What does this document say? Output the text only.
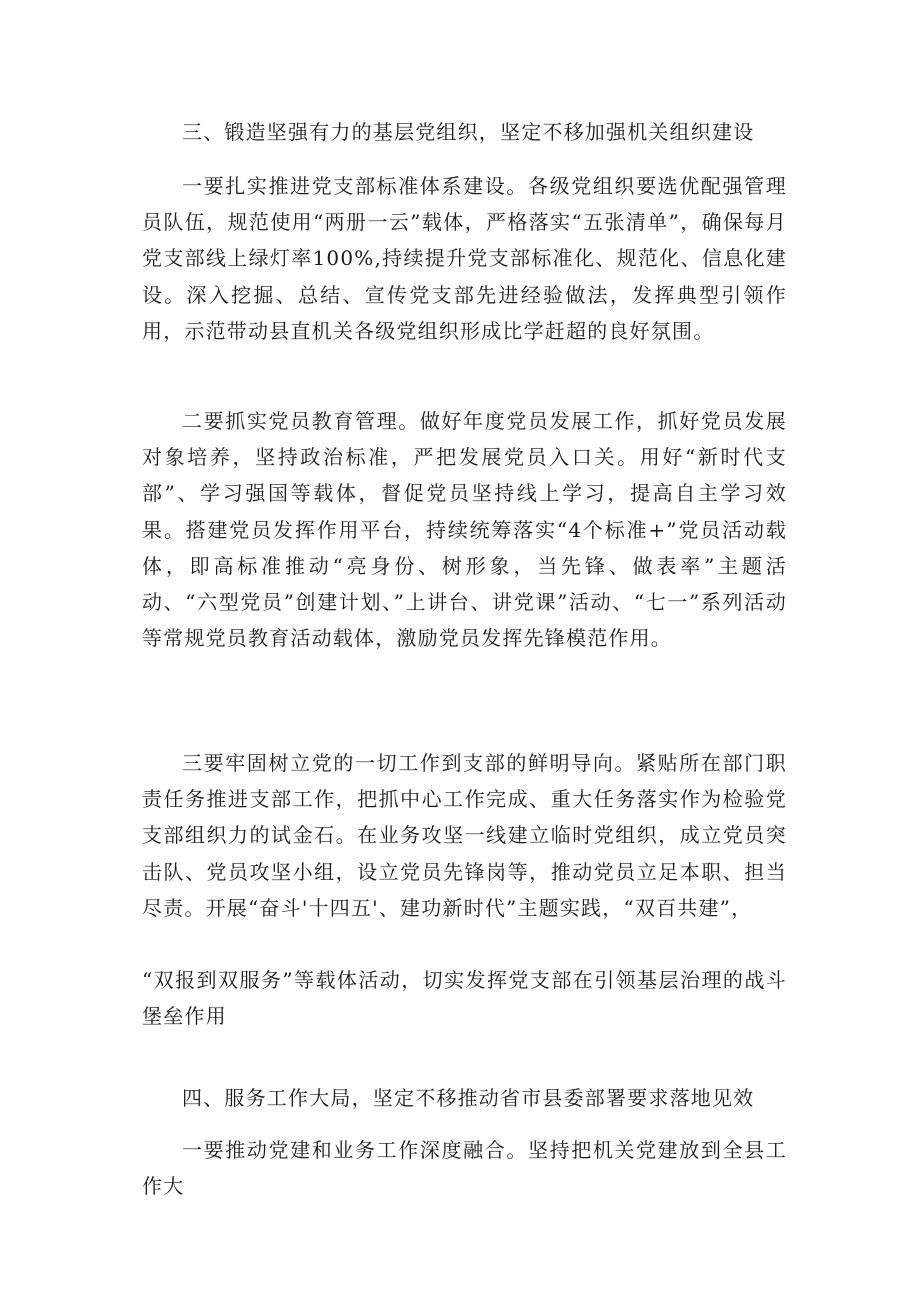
三、锻造坚强有力的基层党组织，坚定不移加强机关组织建设

一要扎实推进党支部标准体系建设。各级党组织要选优配强管理员队伍，规范使用“两册一云”载体，严格落实“五张清单”，确保每月党支部线上绿灯率100%,持续提升党支部标准化、规范化、信息化建设。深入挖掘、总结、宣传党支部先进经验做法，发挥典型引领作用，示范带动县直机关各级党组织形成比学赶超的良好氛围。

二要抓实党员教育管理。做好年度党员发展工作，抓好党员发展对象培养，坚持政治标准，严把发展党员入口关。用好“新时代支部”、学习强国等载体，督促党员坚持线上学习，提高自主学习效果。搭建党员发挥作用平台，持续统筹落实“4个标准+”党员活动载体，即高标准推动“亮身份、树形象，当先锋、做表率”主题活动、“六型党员”创建计划、”上讲台、讲党课”活动、“七一”系列活动等常规党员教育活动载体，激励党员发挥先锋模范作用。

三要牢固树立党的一切工作到支部的鲜明导向。紧贴所在部门职责任务推进支部工作，把抓中心工作完成、重大任务落实作为检验党支部组织力的试金石。在业务攻坚一线建立临时党组织，成立党员突击队、党员攻坚小组，设立党员先锋岗等，推动党员立足本职、担当尽责。开展“奋斗'十四五'、建功新时代”主题实践，“双百共建”，

“双报到双服务”等载体活动，切实发挥党支部在引领基层治理的战斗堡垒作用

四、服务工作大局，坚定不移推动省市县委部署要求落地见效

一要推动党建和业务工作深度融合。坚持把机关党建放到全县工作大
